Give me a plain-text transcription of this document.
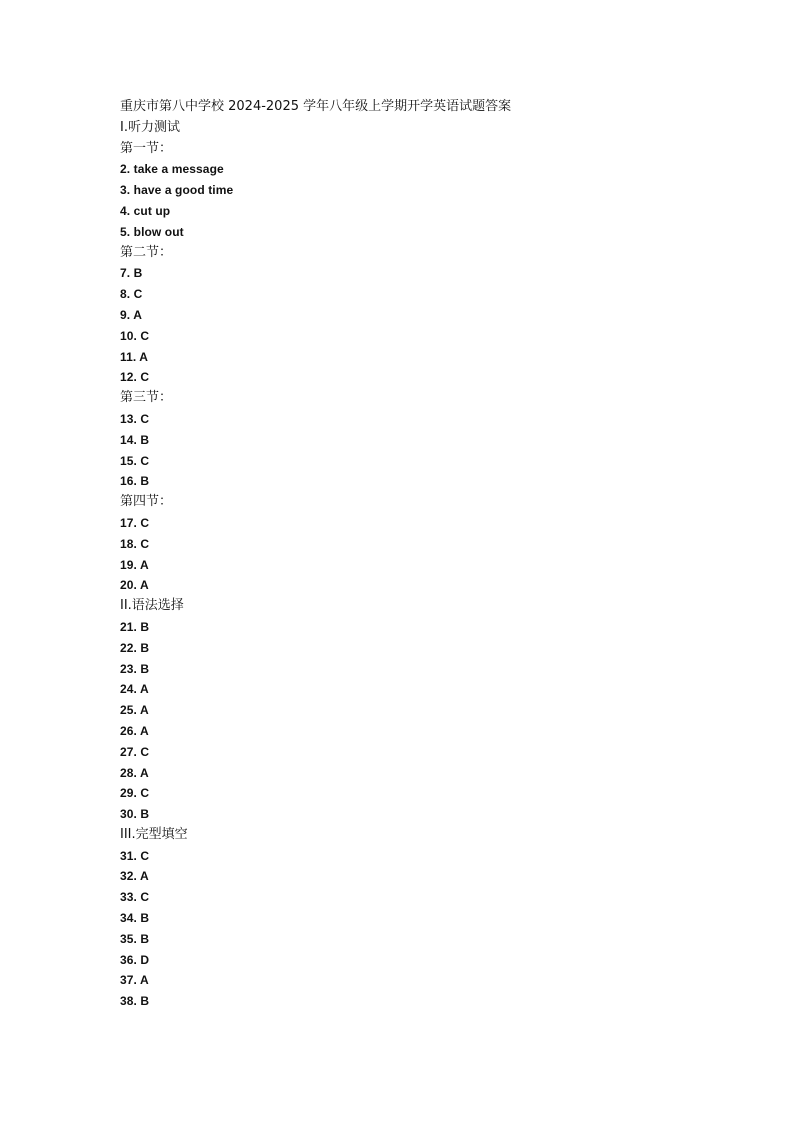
重庆市第八中学校 2024-2025 学年八年级上学期开学英语试题答案
I.听力测试
第一节：
2. take a message
3. have a good time
4. cut up
5. blow out
第二节：
7. B
8. C
9. A
10. C
11. A
12. C
第三节：
13. C
14. B
15. C
16. B
第四节：
17. C
18. C
19. A
20. A
II.语法选择
21. B
22. B
23. B
24. A
25. A
26. A
27. C
28. A
29. C
30. B
III.完型填空
31. C
32. A
33. C
34. B
35. B
36. D
37. A
38. B
